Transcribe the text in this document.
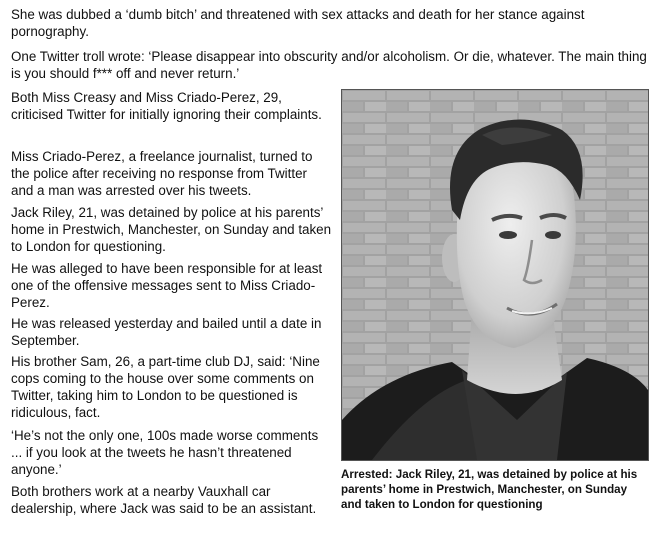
She was dubbed a ‘dumb bitch’ and threatened with sex attacks and death for her stance against pornography.

One Twitter troll wrote: ‘Please disappear into obscurity and/or alcoholism. Or die, whatever. The main thing is you should f*** off and never return.’

Both Miss Creasy and Miss Criado-Perez, 29, criticised Twitter for initially ignoring their complaints.

Miss Criado-Perez, a freelance journalist, turned to the police after receiving no response from Twitter and a man was arrested over his tweets.

Jack Riley, 21, was detained by police at his parents’ home in Prestwich, Manchester, on Sunday and taken to London for questioning.

He was alleged to have been responsible for at least one of the offensive messages sent to Miss Criado-Perez.

He was released yesterday and bailed until a date in September.

His brother Sam, 26, a part-time club DJ, said: ‘Nine cops coming to the house over some comments on Twitter, taking him to London to be questioned is ridiculous, fact.

‘He’s not the only one, 100s made worse comments ... if you look at the tweets he hasn’t threatened anyone.’

Both brothers work at a nearby Vauxhall car dealership, where Jack was said to be an assistant.

Arrested: Jack Riley, 21, was detained by police at his parents’ home in Prestwich, Manchester, on Sunday and taken to London for questioning
